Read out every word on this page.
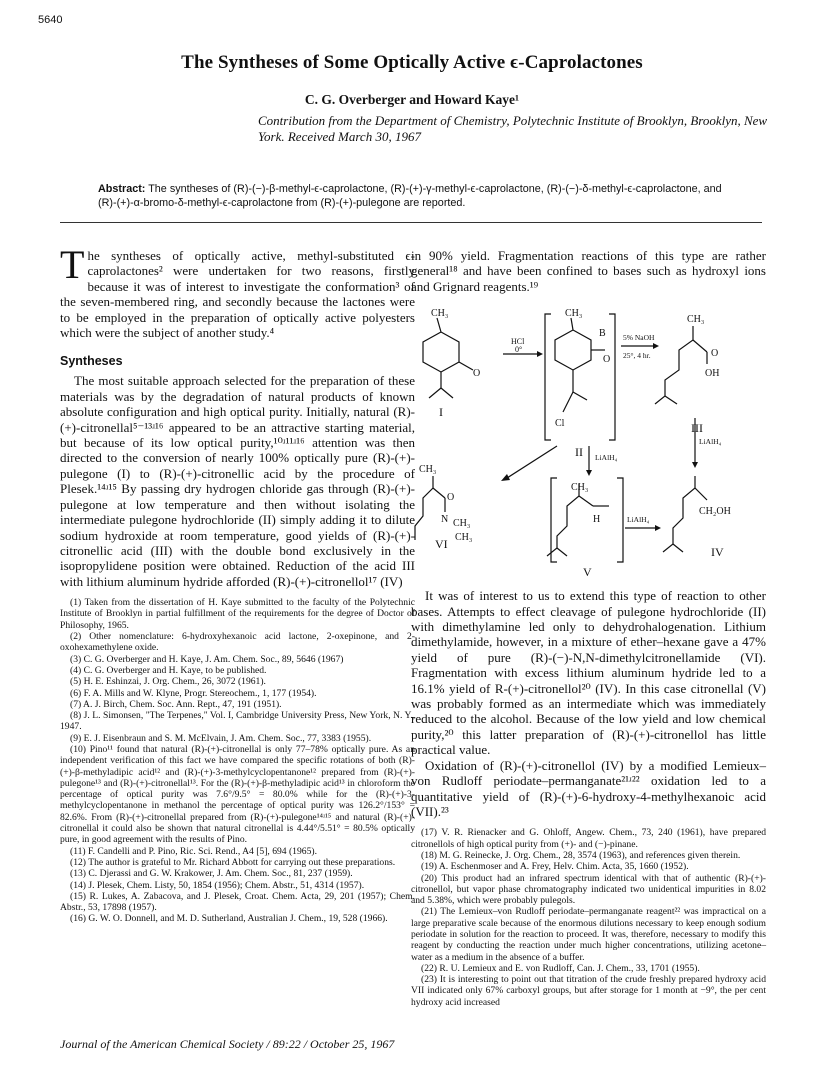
5640
The Syntheses of Some Optically Active ϵ-Caprolactones
C. G. Overberger and Howard Kaye¹
Contribution from the Department of Chemistry, Polytechnic Institute of Brooklyn, Brooklyn, New York. Received March 30, 1967
Abstract: The syntheses of (R)-(−)-β-methyl-ϵ-caprolactone, (R)-(+)-γ-methyl-ϵ-caprolactone, (R)-(−)-δ-methyl-ϵ-caprolactone, and (R)-(+)-α-bromo-δ-methyl-ϵ-caprolactone from (R)-(+)-pulegone are reported.

The syntheses of optically active, methyl-substituted ϵ-caprolactones² were undertaken for two reasons, firstly because it was of interest to investigate the conformation³ of the seven-membered ring, and secondly because the lactones were to be employed in the preparation of optically active polyesters which were the subject of another study.⁴

Syntheses

The most suitable approach selected for the preparation of these materials was by the degradation of natural products of known absolute configuration and high optical purity. Initially, natural (R)-(+)-citronellal⁵⁻¹³ʴ¹⁶ appeared to be an attractive starting material, but because of its low optical purity,¹⁰ʴ¹¹ʴ¹⁶ attention was then directed to the conversion of nearly 100% optically pure (R)-(+)-pulegone (I) to (R)-(+)-citronellic acid by the procedure of Plesek.¹⁴ʴ¹⁵ By passing dry hydrogen chloride gas through (R)-(+)-pulegone at low temperature and then without isolating the intermediate pulegone hydrochloride (II) simply adding it to dilute sodium hydroxide at room temperature, good yields of (R)-(+)-citronellic acid (III) with the double bond exclusively in the isopropylidene position were obtained. Reduction of the acid III with lithium aluminum hydride afforded (R)-(+)-citronellol¹⁷ (IV)

(1) Taken from the dissertation of H. Kaye submitted to the faculty of the Polytechnic Institute of Brooklyn in partial fulfillment of the requirements for the degree of Doctor of Philosophy, 1965.

(2) Other nomenclature: 6-hydroxyhexanoic acid lactone, 2-oxepinone, and 2-oxohexamethylene oxide.

(3) C. G. Overberger and H. Kaye, J. Am. Chem. Soc., 89, 5646 (1967)

(4) C. G. Overberger and H. Kaye, to be published.

(5) H. E. Eshinzai, J. Org. Chem., 26, 3072 (1961).

(6) F. A. Mills and W. Klyne, Progr. Stereochem., 1, 177 (1954).

(7) A. J. Birch, Chem. Soc. Ann. Rept., 47, 191 (1951).

(8) J. L. Simonsen, "The Terpenes," Vol. I, Cambridge University Press, New York, N. Y., 1947.

(9) E. J. Eisenbraun and S. M. McElvain, J. Am. Chem. Soc., 77, 3383 (1955).

(10) Pino¹¹ found that natural (R)-(+)-citronellal is only 77–78% optically pure. As an independent verification of this fact we have compared the specific rotations of both (R)-(+)-β-methyladipic acid¹² and (R)-(+)-3-methylcyclopentanone¹² prepared from (R)-(+)-pulegone¹³ and (R)-(+)-citronellal¹³. For the (R)-(+)-β-methyladipic acid¹³ in chloroform the percentage of optical purity was 7.6°/9.5° = 80.0% while for the (R)-(+)-3-methylcyclopentanone in methanol the percentage of optical purity was 126.2°/153° = 82.6%. From (R)-(+)-citronellal prepared from (R)-(+)-pulegone¹⁴ʴ¹⁵ and natural (R)-(+)-citronellal it could also be shown that natural citronellal is 4.44°/5.51° = 80.5% optically pure, in good agreement with the results of Pino.

(11) F. Candelli and P. Pino, Ric. Sci. Rend., A4 [5], 694 (1965).

(12) The author is grateful to Mr. Richard Abbott for carrying out these preparations.

(13) C. Djerassi and G. W. Krakower, J. Am. Chem. Soc., 81, 237 (1959).

(14) J. Plesek, Chem. Listy, 50, 1854 (1956); Chem. Abstr., 51, 4314 (1957).

(15) R. Lukes, A. Zabacova, and J. Plesek, Croat. Chem. Acta, 29, 201 (1957); Chem. Abstr., 53, 17898 (1957).

(16) G. W. O. Donnell, and M. D. Sutherland, Australian J. Chem., 19, 528 (1966).

in 90% yield. Fragmentation reactions of this type are rather general¹⁸ and have been confined to bases such as hydroxyl ions and Grignard reagents.¹⁹

CH₃
O
I
HCl
0°
CH₃
B
O
Cl
II
5% NaOH
25°, 4 hr.
CH₃
O
OH
III
LiAlH₄
LiAlH₄
LiAlH₄
CH₃
O
N CH₃
CH₃
VI
CH₃
H
V
CH₂OH
IV

It was of interest to us to extend this type of reaction to other bases. Attempts to effect cleavage of pulegone hydrochloride (II) with dimethylamine led only to dehydrohalogenation. Lithium dimethylamide, however, in a mixture of ether–hexane gave a 47% yield of pure (R)-(−)-N,N-dimethylcitronellamide (VI). Fragmentation with excess lithium aluminum hydride led to a 16.1% yield of R-(+)-citronellol²⁰ (IV). In this case citronellal (V) was probably formed as an intermediate which was immediately reduced to the alcohol. Because of the low yield and low chemical purity,²⁰ this latter preparation of (R)-(+)-citronellol has little practical value.

Oxidation of (R)-(+)-citronellol (IV) by a modified Lemieux–von Rudloff periodate–permanganate²¹ʴ²² oxidation led to a quantitative yield of (R)-(+)-6-hydroxy-4-methylhexanoic acid (VII).²³

(17) V. R. Rienacker and G. Ohloff, Angew. Chem., 73, 240 (1961), have prepared citronellols of high optical purity from (+)- and (−)-pinane.

(18) M. G. Reinecke, J. Org. Chem., 28, 3574 (1963), and references given therein.

(19) A. Eschenmoser and A. Frey, Helv. Chim. Acta, 35, 1660 (1952).

(20) This product had an infrared spectrum identical with that of authentic (R)-(+)-citronellol, but vapor phase chromatography indicated two unidentical impurities in 8.02 and 5.38%, which were probably pulegols.

(21) The Lemieux–von Rudloff periodate–permanganate reagent²² was impractical on a large preparative scale because of the enormous dilutions necessary to keep enough sodium periodate in solution for the reaction to proceed. It was, therefore, necessary to modify this reagent by conducting the reaction under much higher concentrations, utilizing acetone–water as a medium in the absence of a buffer.

(22) R. U. Lemieux and E. von Rudloff, Can. J. Chem., 33, 1701 (1955).

(23) It is interesting to point out that titration of the crude freshly prepared hydroxy acid VII indicated only 67% carboxyl groups, but after storage for 1 month at −9°, the per cent hydroxy acid increased

Journal of the American Chemical Society / 89:22 / October 25, 1967
